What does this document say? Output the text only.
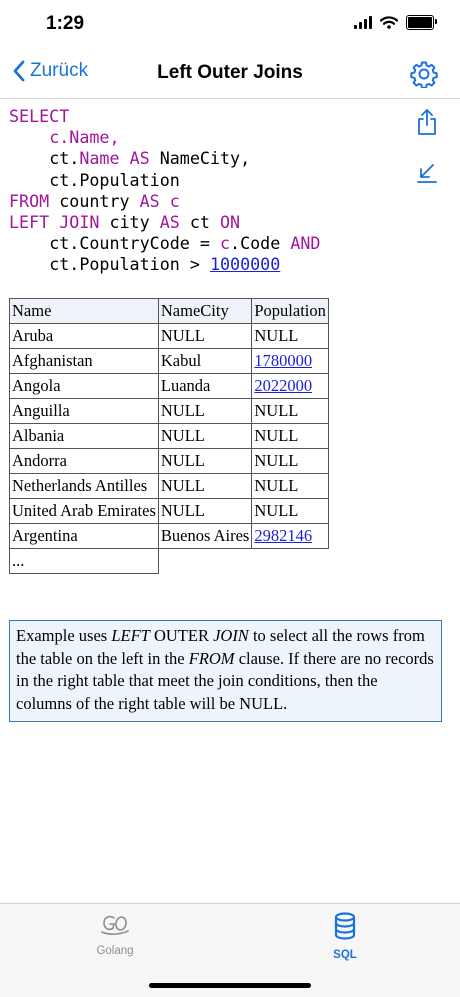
1:29
Zurück	Left Outer Joins
SELECT
c.Name,
ct.Name AS NameCity,
ct.Population
FROM country AS c
LEFT JOIN city AS ct ON
ct.CountryCode = c.Code AND
ct.Population > 1000000
Name	NameCity	Population
Aruba	NULL	NULL
Afghanistan	Kabul	1780000
Angola	Luanda	2022000
Anguilla	NULL	NULL
Albania	NULL	NULL
Andorra	NULL	NULL
Netherlands Antilles	NULL	NULL
United Arab Emirates	NULL	NULL
Argentina	Buenos Aires	2982146
...		
Example uses LEFT OUTER JOIN to select all the rows from the table on the left in the FROM clause. If there are no records in the right table that meet the join conditions, then the columns of the right table will be NULL.
Golang	SQL
